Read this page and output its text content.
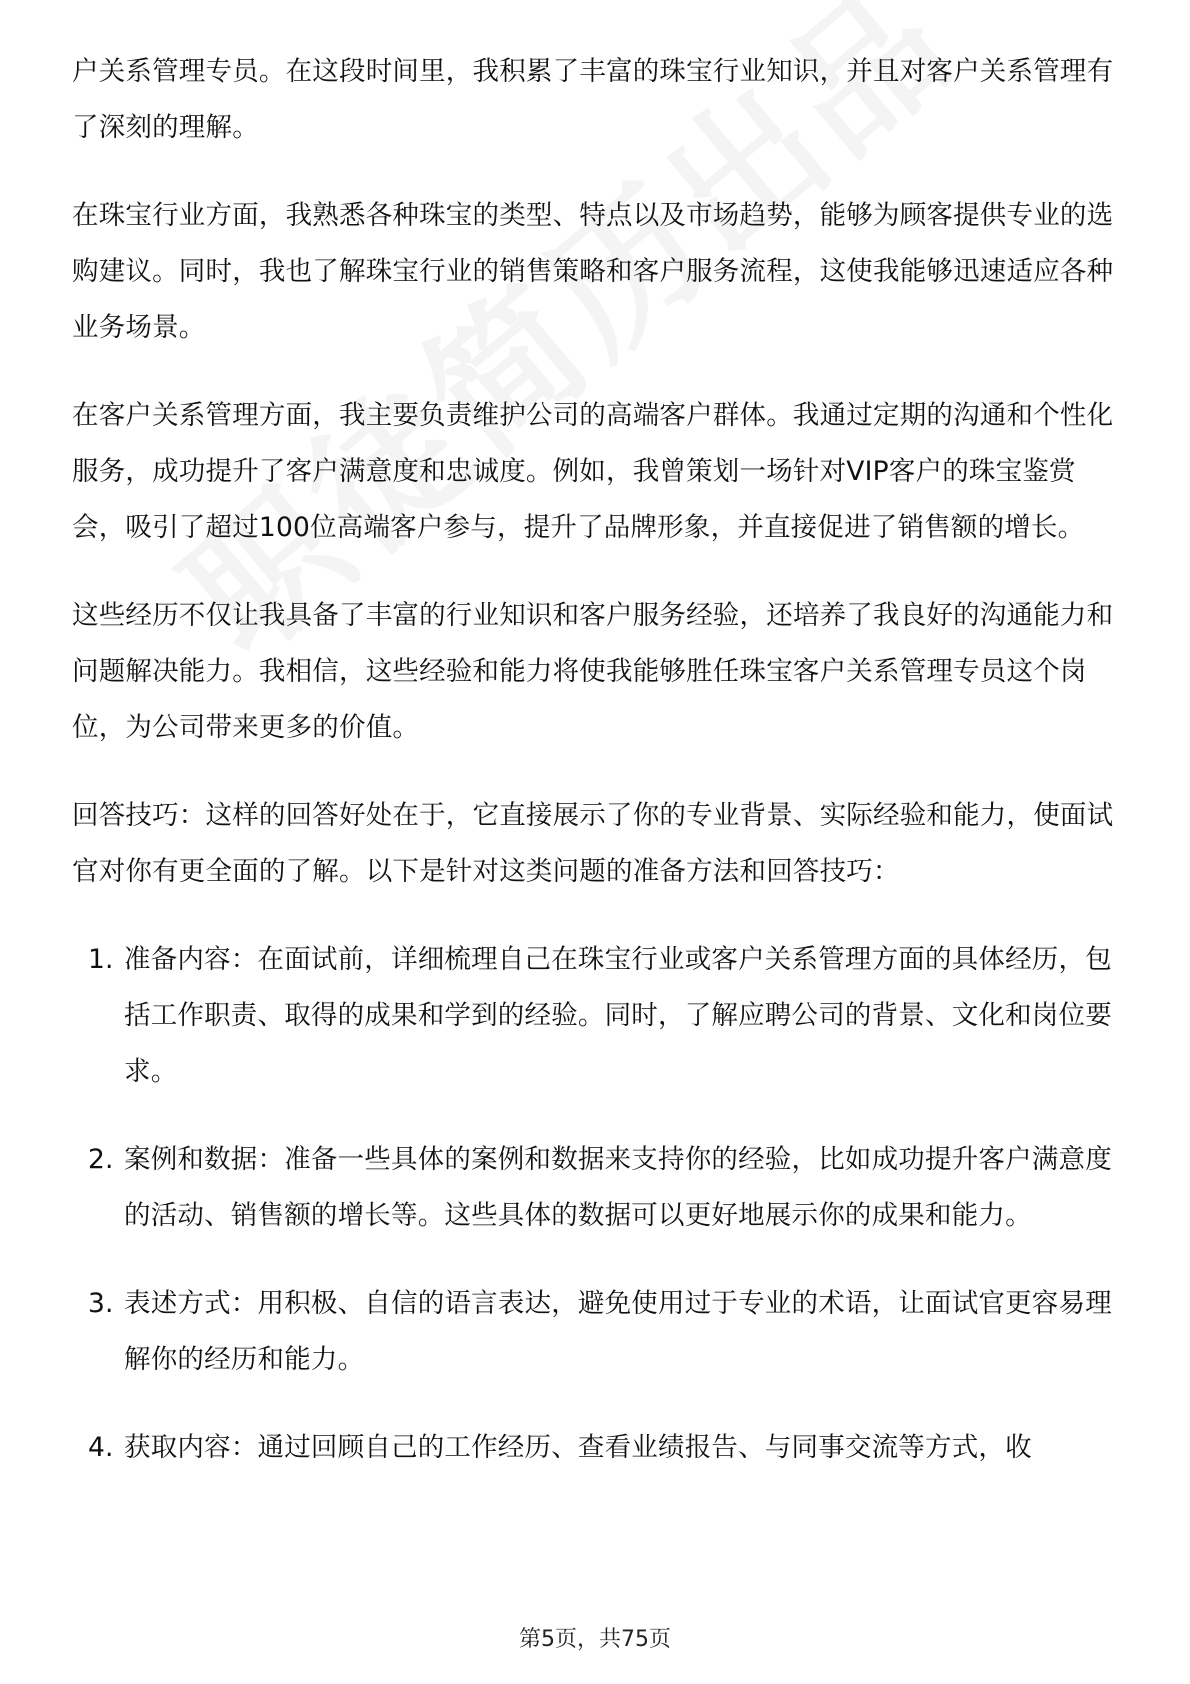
户关系管理专员。在这段时间里，我积累了丰富的珠宝行业知识，并且对客户关系管理有了深刻的理解。

在珠宝行业方面，我熟悉各种珠宝的类型、特点以及市场趋势，能够为顾客提供专业的选购建议。同时，我也了解珠宝行业的销售策略和客户服务流程，这使我能够迅速适应各种业务场景。

在客户关系管理方面，我主要负责维护公司的高端客户群体。我通过定期的沟通和个性化服务，成功提升了客户满意度和忠诚度。例如，我曾策划一场针对VIP客户的珠宝鉴赏会，吸引了超过100位高端客户参与，提升了品牌形象，并直接促进了销售额的增长。

这些经历不仅让我具备了丰富的行业知识和客户服务经验，还培养了我良好的沟通能力和问题解决能力。我相信，这些经验和能力将使我能够胜任珠宝客户关系管理专员这个岗位，为公司带来更多的价值。

回答技巧：这样的回答好处在于，它直接展示了你的专业背景、实际经验和能力，使面试官对你有更全面的了解。以下是针对这类问题的准备方法和回答技巧：

1. 准备内容：在面试前，详细梳理自己在珠宝行业或客户关系管理方面的具体经历，包括工作职责、取得的成果和学到的经验。同时，了解应聘公司的背景、文化和岗位要求。
2. 案例和数据：准备一些具体的案例和数据来支持你的经验，比如成功提升客户满意度的活动、销售额的增长等。这些具体的数据可以更好地展示你的成果和能力。
3. 表述方式：用积极、自信的语言表达，避免使用过于专业的术语，让面试官更容易理解你的经历和能力。
4. 获取内容：通过回顾自己的工作经历、查看业绩报告、与同事交流等方式，收
第5页，共75页
